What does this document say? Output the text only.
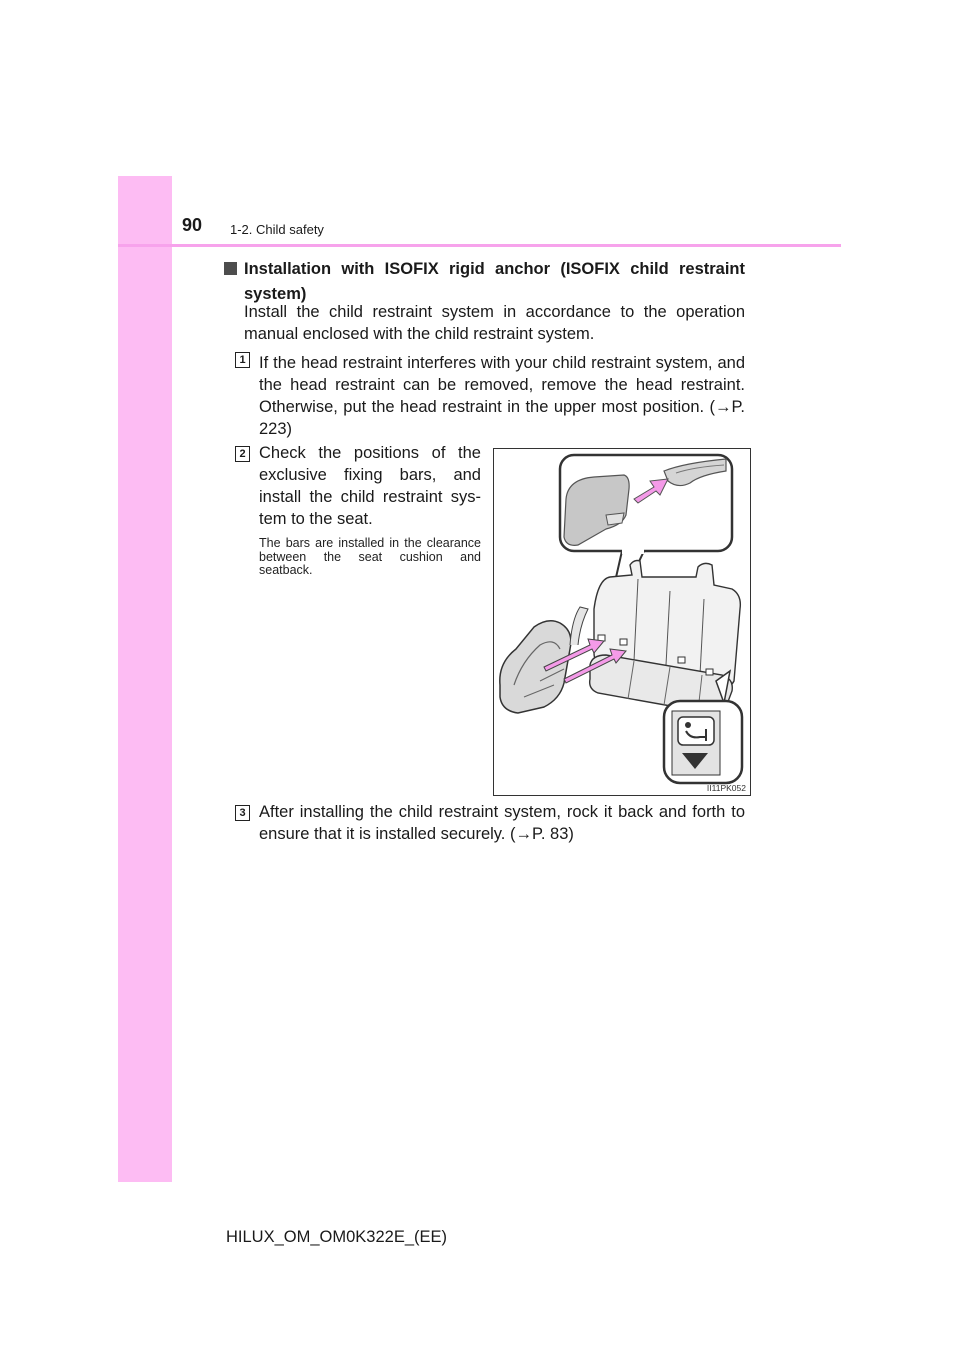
90 1-2. Child safety
Installation with ISOFIX rigid anchor (ISOFIX child restraint system)
Install the child restraint system in accordance to the operation manual enclosed with the child restraint system.
1 If the head restraint interferes with your child restraint system, and the head restraint can be removed, remove the head restraint. Otherwise, put the head restraint in the upper most position. (→P. 223)
2 Check the positions of the exclusive fixing bars, and install the child restraint sys-tem to the seat.
The bars are installed in the clearance between the seat cushion and seatback.
3 After installing the child restraint system, rock it back and forth to ensure that it is installed securely. (→P. 83)
II11PK052
HILUX_OM_OM0K322E_(EE)
